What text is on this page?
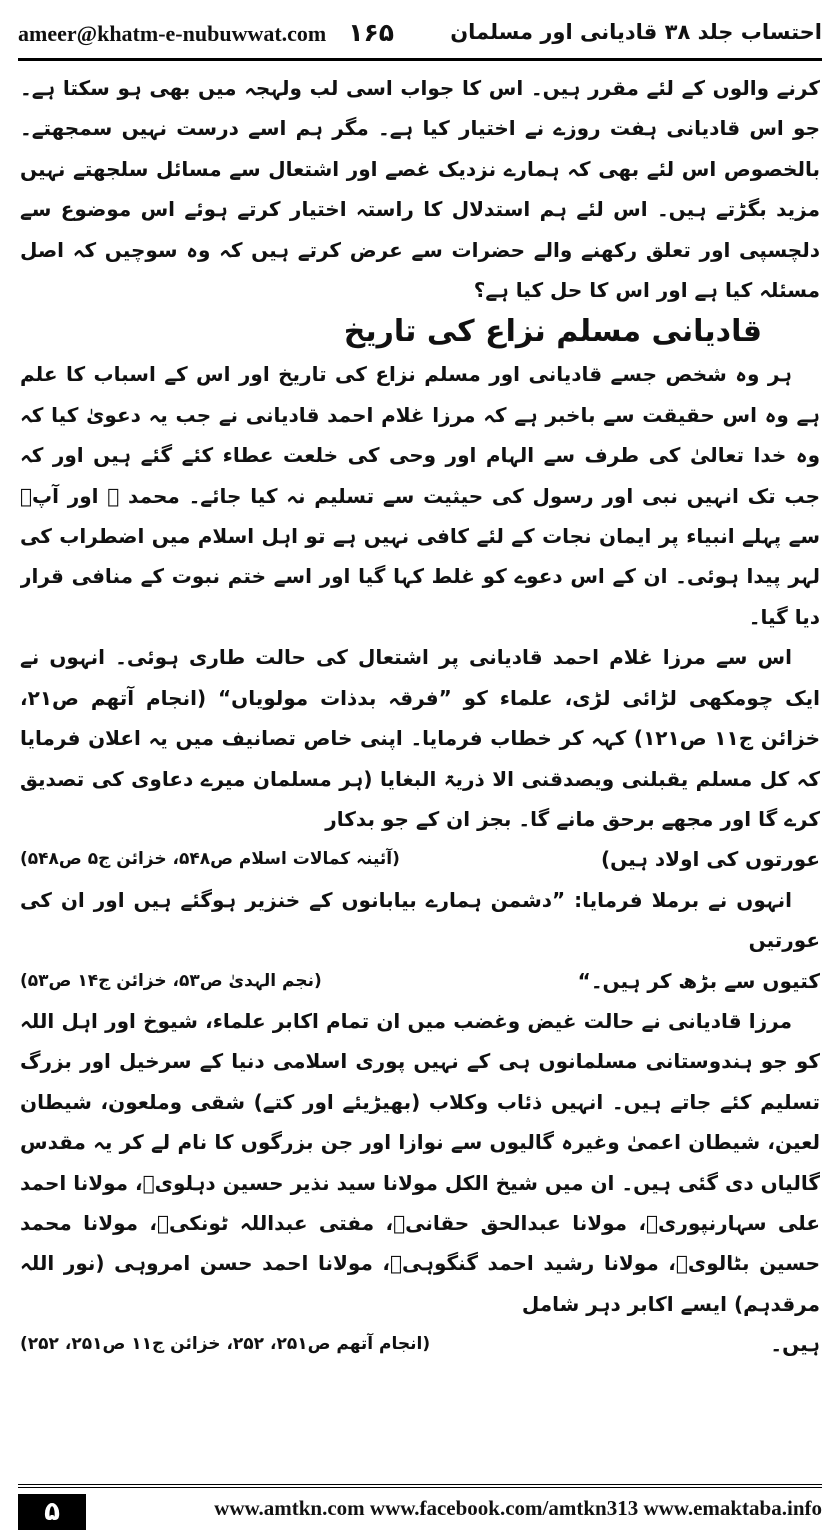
ameer@khatm-e-nubuwwat.com ۱۶۵	احتساب جلد ۳۸ قادیانی اور مسلمان

کرنے والوں کے لئے مقرر ہیں۔ اس کا جواب اسی لب ولہجہ میں بھی ہو سکتا ہے۔ جو اس قادیانی ہفت روزے نے اختیار کیا ہے۔ مگر ہم اسے درست نہیں سمجھتے۔ بالخصوص اس لئے بھی کہ ہمارے نزدیک غصے اور اشتعال سے مسائل سلجھتے نہیں مزید بگڑتے ہیں۔ اس لئے ہم استدلال کا راستہ اختیار کرتے ہوئے اس موضوع سے دلچسپی اور تعلق رکھنے والے حضرات سے عرض کرتے ہیں کہ وہ سوچیں کہ اصل مسئلہ کیا ہے اور اس کا حل کیا ہے؟

قادیانی مسلم نزاع کی تاریخ

ہر وہ شخص جسے قادیانی اور مسلم نزاع کی تاریخ اور اس کے اسباب کا علم ہے وہ اس حقیقت سے باخبر ہے کہ مرزا غلام احمد قادیانی نے جب یہ دعویٰ کیا کہ وہ خدا تعالیٰ کی طرف سے الہام اور وحی کی خلعت عطاء کئے گئے ہیں اور کہ جب تک انہیں نبی اور رسول کی حیثیت سے تسلیم نہ کیا جائے۔ محمد ﷺ اور آپؐ سے پہلے انبیاء پر ایمان نجات کے لئے کافی نہیں ہے تو اہل اسلام میں اضطراب کی لہر پیدا ہوئی۔ ان کے اس دعوے کو غلط کہا گیا اور اسے ختم نبوت کے منافی قرار دیا گیا۔

اس سے مرزا غلام احمد قادیانی پر اشتعال کی حالت طاری ہوئی۔ انہوں نے ایک چومکھی لڑائی لڑی، علماء کو ”فرقہ بدذات مولویاں“ (انجام آتھم ص۲۱، خزائن ج۱۱ ص۱۲۱) کہہ کر خطاب فرمایا۔ اپنی خاص تصانیف میں یہ اعلان فرمایا کہ کل مسلم یقبلنی ویصدقنی الا ذریۃ البغایا (ہر مسلمان میرے دعاوی کی تصدیق کرے گا اور مجھے برحق مانے گا۔ بجز ان کے جو بدکار

عورتوں کی اولاد ہیں)
(آئینہ کمالات اسلام ص۵۴۸، خزائن ج۵ ص۵۴۸)

انہوں نے برملا فرمایا: ”دشمن ہمارے بیابانوں کے خنزیر ہوگئے ہیں اور ان کی عورتیں

کتیوں سے بڑھ کر ہیں۔“
(نجم الہدیٰ ص۵۳، خزائن ج۱۴ ص۵۳)

مرزا قادیانی نے حالت غیض وغضب میں ان تمام اکابر علماء، شیوخ اور اہل اللہ کو جو ہندوستانی مسلمانوں ہی کے نہیں پوری اسلامی دنیا کے سرخیل اور بزرگ تسلیم کئے جاتے ہیں۔ انہیں ذئاب وکلاب (بھیڑیئے اور کتے) شقی وملعون، شیطان لعین، شیطان اعمیٰ وغیرہ گالیوں سے نوازا اور جن بزرگوں کا نام لے کر یہ مقدس گالیاں دی گئی ہیں۔ ان میں شیخ الکل مولانا سید نذیر حسین دہلویؒ، مولانا احمد علی سہارنپوریؒ، مولانا عبدالحق حقانیؒ، مفتی عبداللہ ٹونکیؒ، مولانا محمد حسین بٹالویؒ، مولانا رشید احمد گنگوہیؒ، مولانا احمد حسن امروہی (نور اللہ مرقدہم) ایسے اکابر دہر شامل

ہیں۔
(انجام آتھم ص۲۵۱، ۲۵۲، خزائن ج۱۱ ص۲۵۱، ۲۵۲)
۵	www.amtkn.com www.facebook.com/amtkn313 www.emaktaba.info
